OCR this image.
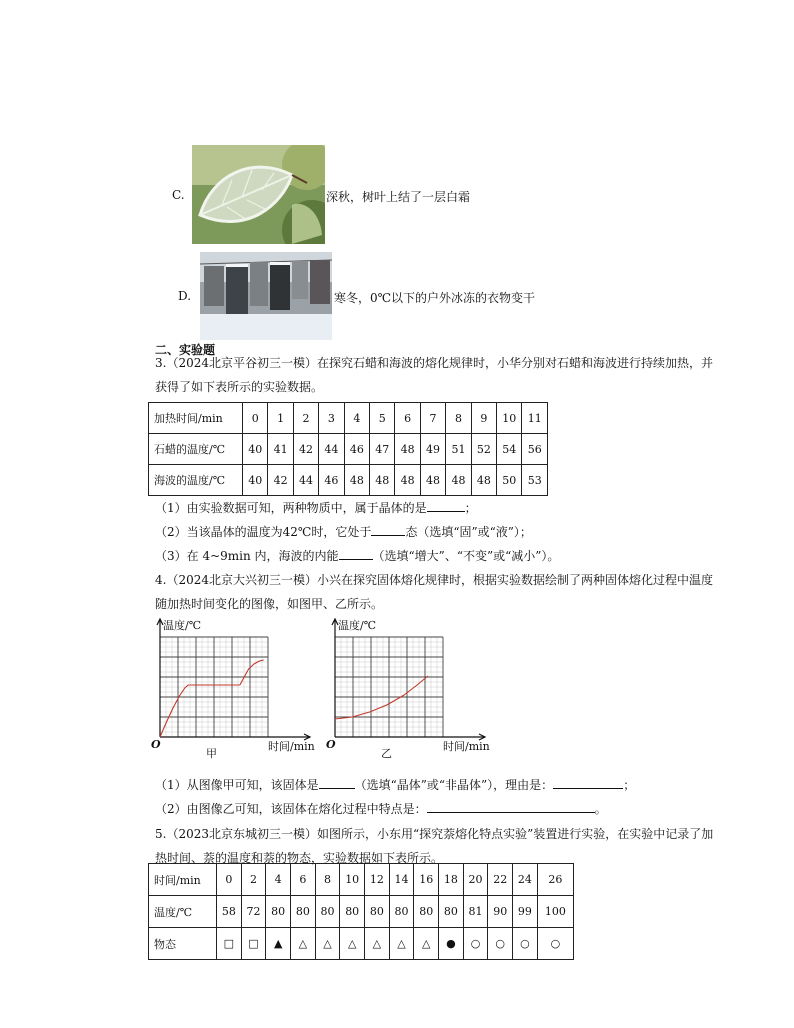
C.	深秋，树叶上结了一层白霜
D.	寒冬，0℃以下的户外冰冻的衣物变干
二、实验题
3.（2024北京平谷初三一模）在探究石蜡和海波的熔化规律时，小华分别对石蜡和海波进行持续加热，并
获得了如下表所示的实验数据。
加热时间/min	0	1	2	3	4	5	6	7	8	9	10	11
石蜡的温度/℃	40	41	42	44	46	47	48	49	51	52	54	56
海波的温度/℃	40	42	44	46	48	48	48	48	48	48	50	53
（1）由实验数据可知，两种物质中，属于晶体的是	；
（2）当该晶体的温度为42℃时，它处于	态（选填“固”或“液”）；
（3）在 4~9min 内，海波的内能	（选填“增大”、“不变”或“减小”）。
4.（2024北京大兴初三一模）小兴在探究固体熔化规律时，根据实验数据绘制了两种固体熔化过程中温度
随加热时间变化的图像，如图甲、乙所示。
温度/℃
时间/min
O
甲
温度/℃
时间/min
O
乙
（1）从图像甲可知，该固体是	（选填“晶体”或“非晶体”），理由是：	；
（2）由图像乙可知，该固体在熔化过程中特点是：	。
5.（2023北京东城初三一模）如图所示，小东用“探究萘熔化特点实验”装置进行实验，在实验中记录了加
热时间、萘的温度和萘的物态，实验数据如下表所示。
时间/min	0	2	4	6	8	10	12	14	16	18	20	22	24	26
温度/℃	58	72	80	80	80	80	80	80	80	80	81	90	99	100
物态	□	□	▲	△	△	△	△	△	△	●	○	○	○	○
